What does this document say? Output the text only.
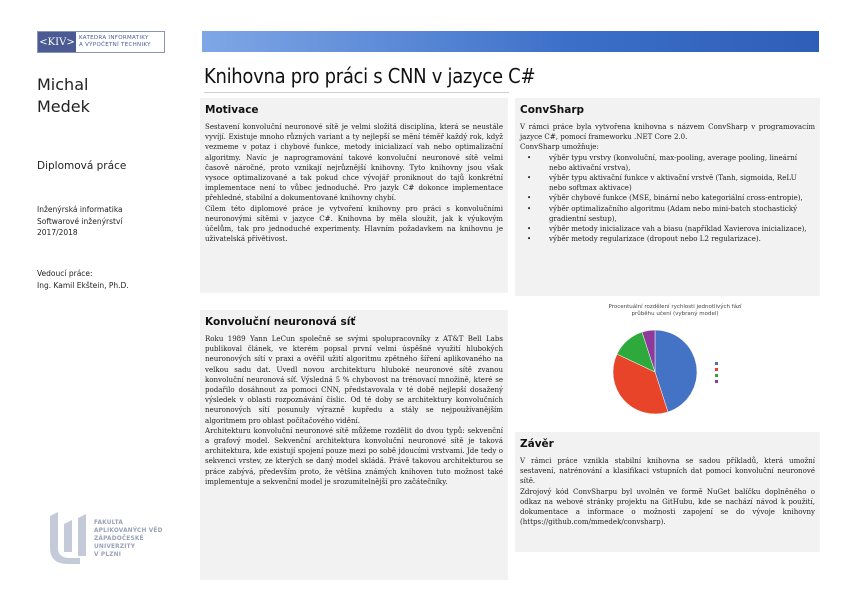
<KIV> KATEDRA INFORMATIKY
A VÝPOČETNÍ TECHNIKY
Michal
Medek
Diplomová práce
Inženýrská informatika
Softwarové inženýrství
2017/2018
Vedoucí práce:
Ing. Kamil Ekštein, Ph.D.
FAKULTA
APLIKOVANÝCH VĚD
ZÁPADOČESKÉ
UNIVERZITY
V PLZNI
Knihovna pro práci s CNN v jazyce C#
Motivace

Sestavení konvoluční neuronové sítě je velmi složitá disciplína, která se neustále vyvíjí. Existuje mnoho různých variant a ty nejlepší se mění téměř každý rok, když vezmeme v potaz i chybové funkce, metody inicializací vah nebo optimalizační algoritmy. Navíc je naprogramování takové konvoluční neuronové sítě velmi časově náročné, proto vznikají nejrůznější knihovny. Tyto knihovny jsou však vysoce optimalizované a tak pokud chce vývojář proniknout do tajů konkrétní implementace není to vůbec jednoduché. Pro jazyk C# dokonce implementace přehledné, stabilní a dokumentované knihovny chybí.

Cílem této diplomové práce je vytvoření knihovny pro práci s konvolučními neuronovými sítěmi v jazyce C#. Knihovna by měla sloužit, jak k výukovým účelům, tak pro jednoduché experimenty. Hlavním požadavkem na knihovnu je uživatelská přívětivost.

Konvoluční neuronová síť

Roku 1989 Yann LeCun společně se svými spolupracovníky z AT&T Bell Labs publikoval článek, ve kterém popsal první velmi úspěšné využití hlubokých neuronových sítí v praxi a ověřil užití algoritmu zpětného šíření aplikovaného na velkou sadu dat. Uvedl novou architekturu hluboké neuronové sítě zvanou konvoluční neuronová síť. Výsledná 5 % chybovost na trénovací množině, které se podařilo dosáhnout za pomoci CNN, představovala v té době nejlepší dosažený výsledek v oblasti rozpoznávání číslic. Od té doby se architektury konvolučních neuronových sítí posunuly výrazně kupředu a stály se nejpoužívanějším algoritmem pro oblast počítačového vidění.

Architekturu konvoluční neuronové sítě můžeme rozdělit do dvou typů: sekvenční a grafový model. Sekvenční architektura konvoluční neuronové sítě je taková architektura, kde existují spojení pouze mezi po sobě jdoucími vrstvami. Jde tedy o sekvenci vrstev, ze kterých se daný model skládá. Právě takovou architekturou se práce zabývá, především proto, že většina známých knihoven tuto možnost také implementuje a sekvenční model je srozumitelnější pro začátečníky.

ConvSharp

V rámci práce byla vytvořena knihovna s názvem ConvSharp v programovacím jazyce C#, pomocí frameworku .NET Core 2.0.

ConvSharp umožňuje:

• výběr typu vrstvy (konvoluční, max-pooling, average pooling, lineární nebo aktivační vrstva),
• výběr typu aktivační funkce v aktivační vrstvě (Tanh, sigmoida, ReLU nebo softmax aktivace)
• výběr chybové funkce (MSE, binární nebo kategoriální cross-entropie),
• výběr optimalizačního algoritmu (Adam nebo mini-batch stochastický gradientní sestup),
• výběr metody inicializace vah a biasu (například Xavierova inicializace),
• výběr metody regularizace (dropout nebo L2 regularizace).
Procentuální rozdělení rychlosti jednotlivých fází průběhu učení (vybraný model)
Závěr

V rámci práce vznikla stabilní knihovna se sadou příkladů, která umožní sestavení, natrénování a klasifikaci vstupních dat pomocí konvoluční neuronové sítě.

Zdrojový kód ConvSharpu byl uvolněn ve formě NuGet balíčku doplněného o odkaz na webové stránky projektu na GitHubu, kde se nachází návod k použití, dokumentace a informace o možnosti zapojení se do vývoje knihovny (https://github.com/mmedek/convsharp).
